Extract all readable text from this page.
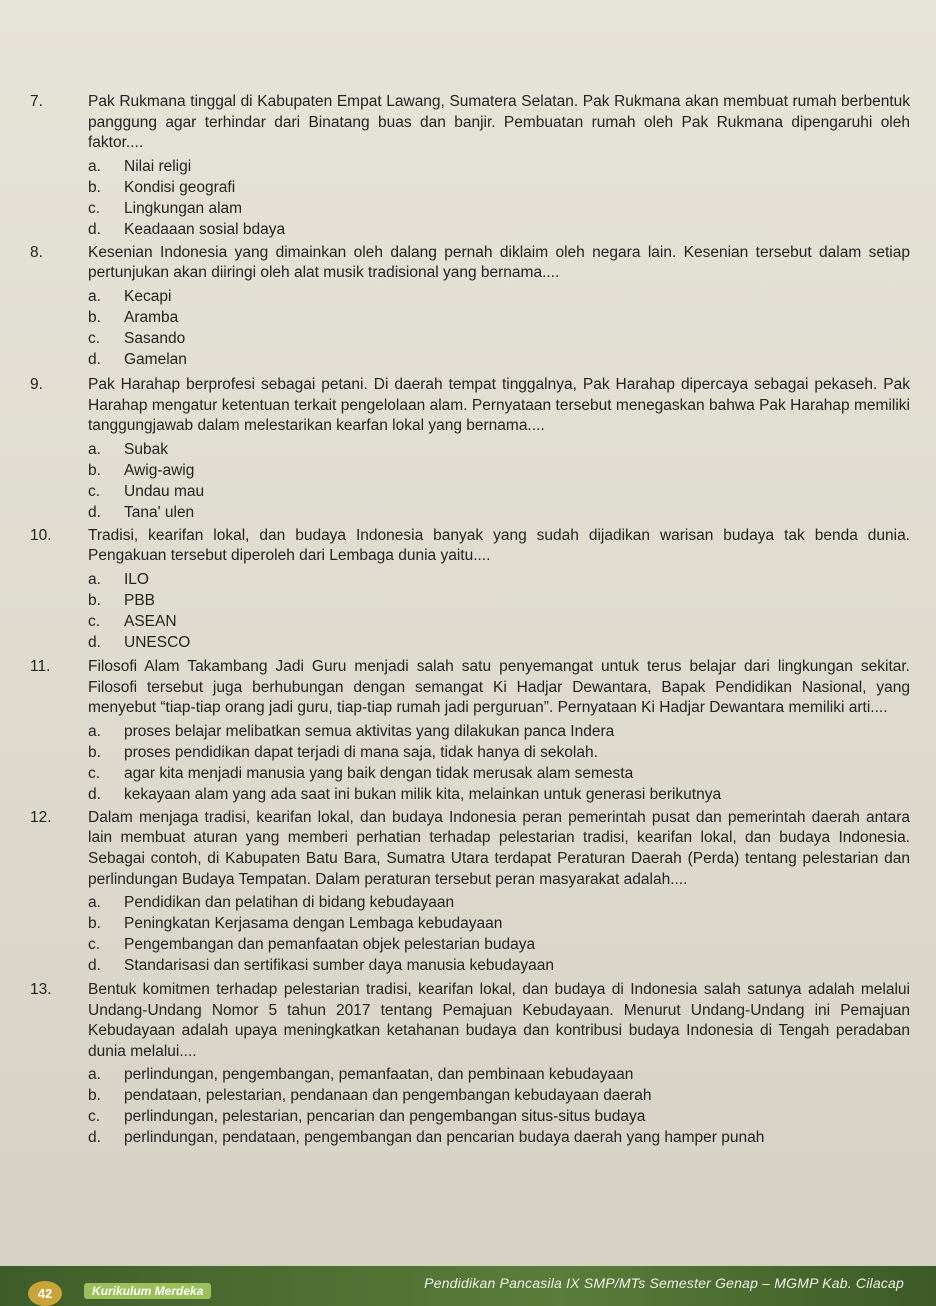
7.	Pak Rukmana tinggal di Kabupaten Empat Lawang, Sumatera Selatan. Pak Rukmana akan membuat rumah berbentuk panggung agar terhindar dari Binatang buas dan banjir. Pembuatan rumah oleh Pak Rukmana dipengaruhi oleh faktor....
a.	Nilai religi
b.	Kondisi geografi
c.	Lingkungan alam
d.	Keadaaan sosial bdaya
8.	Kesenian Indonesia yang dimainkan oleh dalang pernah diklaim oleh negara lain. Kesenian tersebut dalam setiap pertunjukan akan diiringi oleh alat musik tradisional yang bernama....
a.	Kecapi
b.	Aramba
c.	Sasando
d.	Gamelan
9.	Pak Harahap berprofesi sebagai petani. Di daerah tempat tinggalnya, Pak Harahap dipercaya sebagai pekaseh. Pak Harahap mengatur ketentuan terkait pengelolaan alam. Pernyataan tersebut menegaskan bahwa Pak Harahap memiliki tanggungjawab dalam melestarikan kearfan lokal yang bernama....
a.	Subak
b.	Awig-awig
c.	Undau mau
d.	Tana' ulen
10.	Tradisi, kearifan lokal, dan budaya Indonesia banyak yang sudah dijadikan warisan budaya tak benda dunia. Pengakuan tersebut diperoleh dari Lembaga dunia yaitu....
a.	ILO
b.	PBB
c.	ASEAN
d.	UNESCO
11.	Filosofi Alam Takambang Jadi Guru menjadi salah satu penyemangat untuk terus belajar dari lingkungan sekitar. Filosofi tersebut juga berhubungan dengan semangat Ki Hadjar Dewantara, Bapak Pendidikan Nasional, yang menyebut “tiap-tiap orang jadi guru, tiap-tiap rumah jadi perguruan”. Pernyataan Ki Hadjar Dewantara memiliki arti....
a.	proses belajar melibatkan semua aktivitas yang dilakukan panca Indera
b.	proses pendidikan dapat terjadi di mana saja, tidak hanya di sekolah.
c.	agar kita menjadi manusia yang baik dengan tidak merusak alam semesta
d.	kekayaan alam yang ada saat ini bukan milik kita, melainkan untuk generasi berikutnya
12.	Dalam menjaga tradisi, kearifan lokal, dan budaya Indonesia peran pemerintah pusat dan pemerintah daerah antara lain membuat aturan yang memberi perhatian terhadap pelestarian tradisi, kearifan lokal, dan budaya Indonesia. Sebagai contoh, di Kabupaten Batu Bara, Sumatra Utara terdapat Peraturan Daerah (Perda) tentang pelestarian dan perlindungan Budaya Tempatan. Dalam peraturan tersebut peran masyarakat adalah....
a.	Pendidikan dan pelatihan di bidang kebudayaan
b.	Peningkatan Kerjasama dengan Lembaga kebudayaan
c.	Pengembangan dan pemanfaatan objek pelestarian budaya
d.	Standarisasi dan sertifikasi sumber daya manusia kebudayaan
13.	Bentuk komitmen terhadap pelestarian tradisi, kearifan lokal, dan budaya di Indonesia salah satunya adalah melalui Undang-Undang Nomor 5 tahun 2017 tentang Pemajuan Kebudayaan. Menurut Undang-Undang ini Pemajuan Kebudayaan adalah upaya meningkatkan ketahanan budaya dan kontribusi budaya Indonesia di Tengah peradaban dunia melalui....
a.	perlindungan, pengembangan, pemanfaatan, dan pembinaan kebudayaan
b.	pendataan, pelestarian, pendanaan dan pengembangan kebudayaan daerah
c.	perlindungan, pelestarian, pencarian dan pengembangan situs-situs budaya
d.	perlindungan, pendataan, pengembangan dan pencarian budaya daerah yang hamper punah
42	Kurikulum Merdeka	Pendidikan Pancasila IX SMP/MTs Semester Genap – MGMP Kab. Cilacap
